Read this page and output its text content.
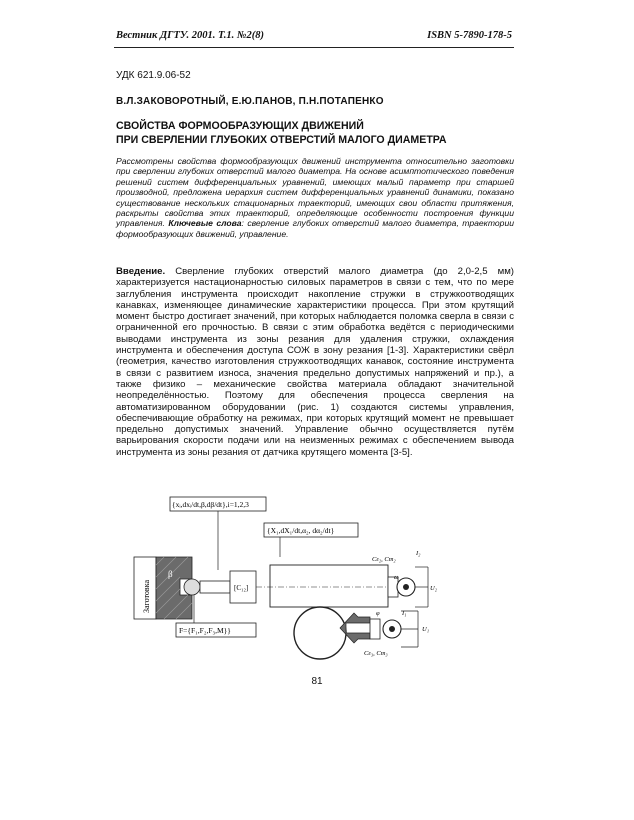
Вестник ДГТУ. 2001. Т.1. №2(8)	ISBN 5-7890-178-5
УДК 621.9.06-52
В.Л.ЗАКОВОРОТНЫЙ, Е.Ю.ПАНОВ, П.Н.ПОТАПЕНКО
СВОЙСТВА ФОРМООБРАЗУЮЩИХ ДВИЖЕНИЙ
ПРИ СВЕРЛЕНИИ ГЛУБОКИХ ОТВЕРСТИЙ МАЛОГО ДИАМЕТРА
Рассмотрены свойства формообразующих движений инструмента относительно заготовки при сверлении глубоких отверстий малого диаметра. На основе асимптотического поведения решений систем дифференциальных уравнений, имеющих малый параметр при старшей производной, предложена иерархия систем дифференциальных уравнений динамики, показано существование нескольких стационарных траекторий, имеющих свои области притяжения, раскрыты свойства этих траекторий, определяющие особенности построения функции управления. Ключевые слова: сверление глубоких отверстий малого диаметра, траектории формообразующих движений, управление.
Введение. Сверление глубоких отверстий малого диаметра (до 2,0-2,5 мм) характеризуется настационарностью силовых параметров в связи с тем, что по мере заглубления инструмента происходит накопление стружки в стружкоотводящих канавках, изменяющее динамические характеристики процесса. При этом крутящий момент быстро достигает значений, при которых наблюдается поломка сверла в связи с ограниченной его прочностью. В связи с этим обработка ведётся с периодическими выводами инструмента из зоны резания для удаления стружки, охлаждения инструмента и обеспечения доступа СОЖ в зону резания [1-3]. Характеристики свёрл (геометрия, качество изготовления стружкоотводящих канавок, состояние инструмента в связи с развитием износа, значения предельно допустимых напряжений и пр.), а также физико – механические свойства материала обладают значительной неопределённостью. Поэтому для обеспечения процесса сверления на автоматизированном оборудовании (рис. 1) создаются системы управления, обеспечивающие обработку на режимах, при которых крутящий момент не превышает предельно допустимых значений. Управление обычно осуществляется путём варьирования скорости подачи или на неизменных режимах с обеспечением вывода инструмента из зоны резания от датчика крутящего момента [3-5].
{xᵢ,dxᵢ/dt,β,dβ/dt},i=1,2,3
{X₁,dX₁/dt,α₂, dα₂/dt}
F={F₁,F₂,F₃,M}}
Заготовка
β
[C₁₂]
Cε₂, Cm₂
I₂
U₂
ω
φ
Cε₃, Cm₃
I₁
U₁
81
